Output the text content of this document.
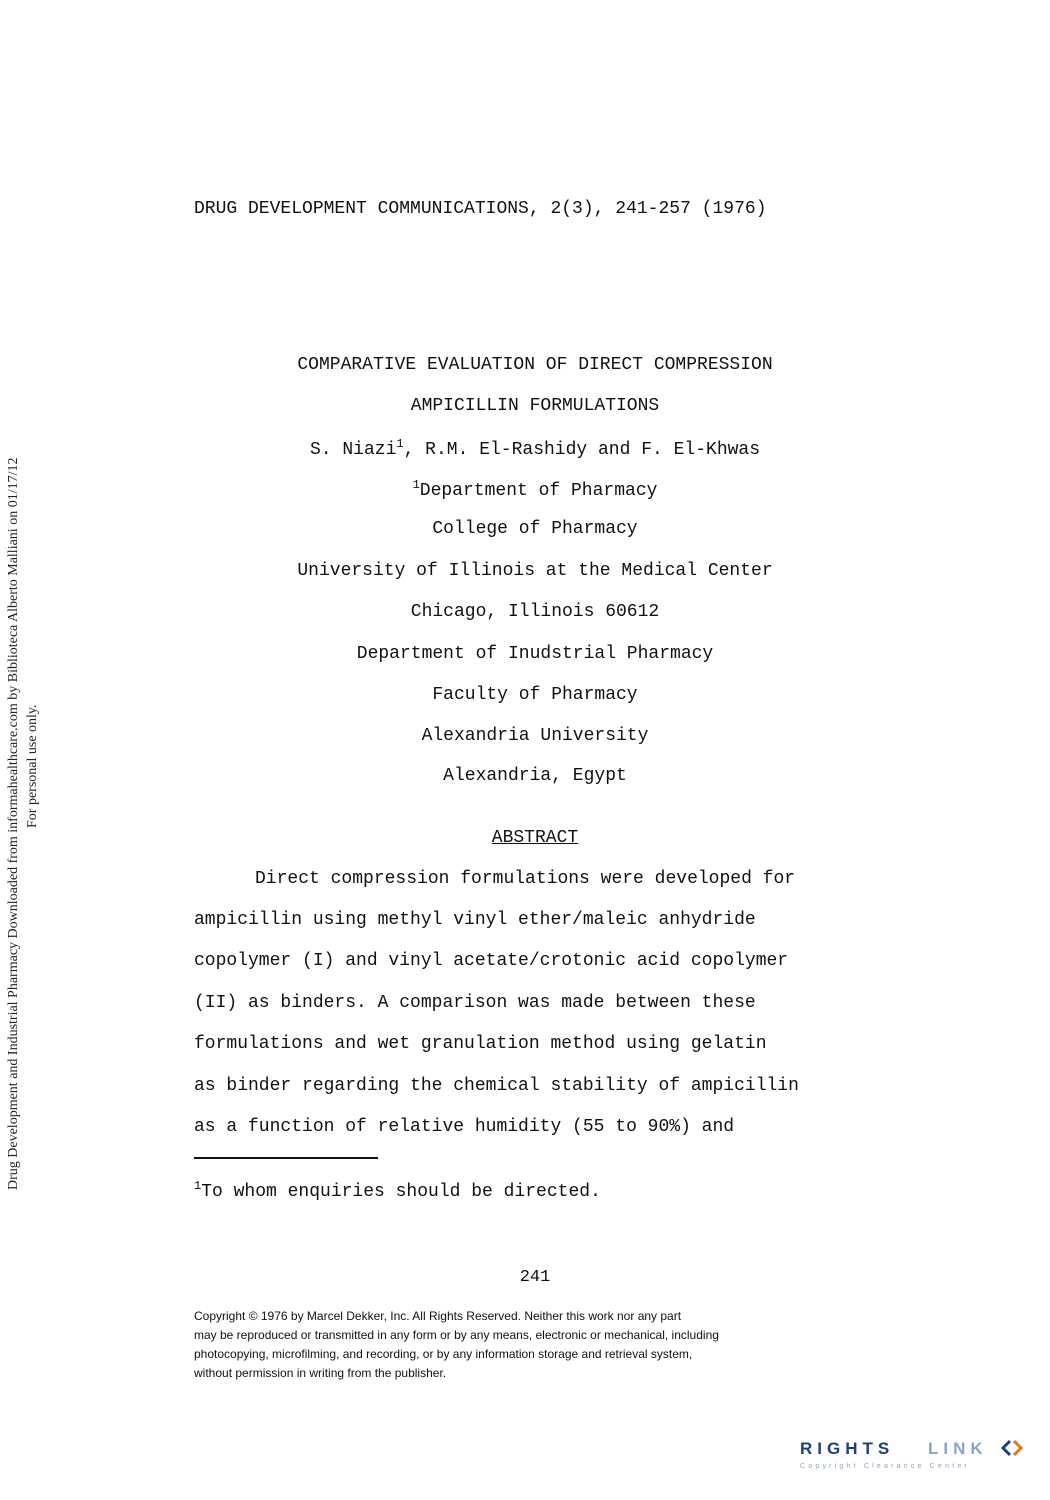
Drug Development and Industrial Pharmacy Downloaded from informahealthcare.com by Biblioteca Alberto Malliani on 01/17/12 For personal use only.
DRUG DEVELOPMENT COMMUNICATIONS, 2(3), 241-257 (1976)
COMPARATIVE EVALUATION OF DIRECT COMPRESSION
AMPICILLIN FORMULATIONS
S. Niazi$^1$, R.M. El-Rashidy and F. El-Khwas
$^1$Department of Pharmacy
College of Pharmacy
University of Illinois at the Medical Center
Chicago, Illinois 60612
Department of Inudstrial Pharmacy
Faculty of Pharmacy
Alexandria University
Alexandria, Egypt
ABSTRACT
Direct compression formulations were developed for
ampicillin using methyl vinyl ether/maleic anhydride
copolymer (I) and vinyl acetate/crotonic acid copolymer
(II) as binders. A comparison was made between these
formulations and wet granulation method using gelatin
as binder regarding the chemical stability of ampicillin
as a function of relative humidity (55 to 90%) and
$^1$To whom enquiries should be directed.
241
Copyright © 1976 by Marcel Dekker, Inc. All Rights Reserved. Neither this work nor any part
may be reproduced or transmitted in any form or by any means, electronic or mechanical, including
photocopying, microfilming, and recording, or by any information storage and retrieval system,
without permission in writing from the publisher.
RIGHTS LINK
Copyright Clearance Center
